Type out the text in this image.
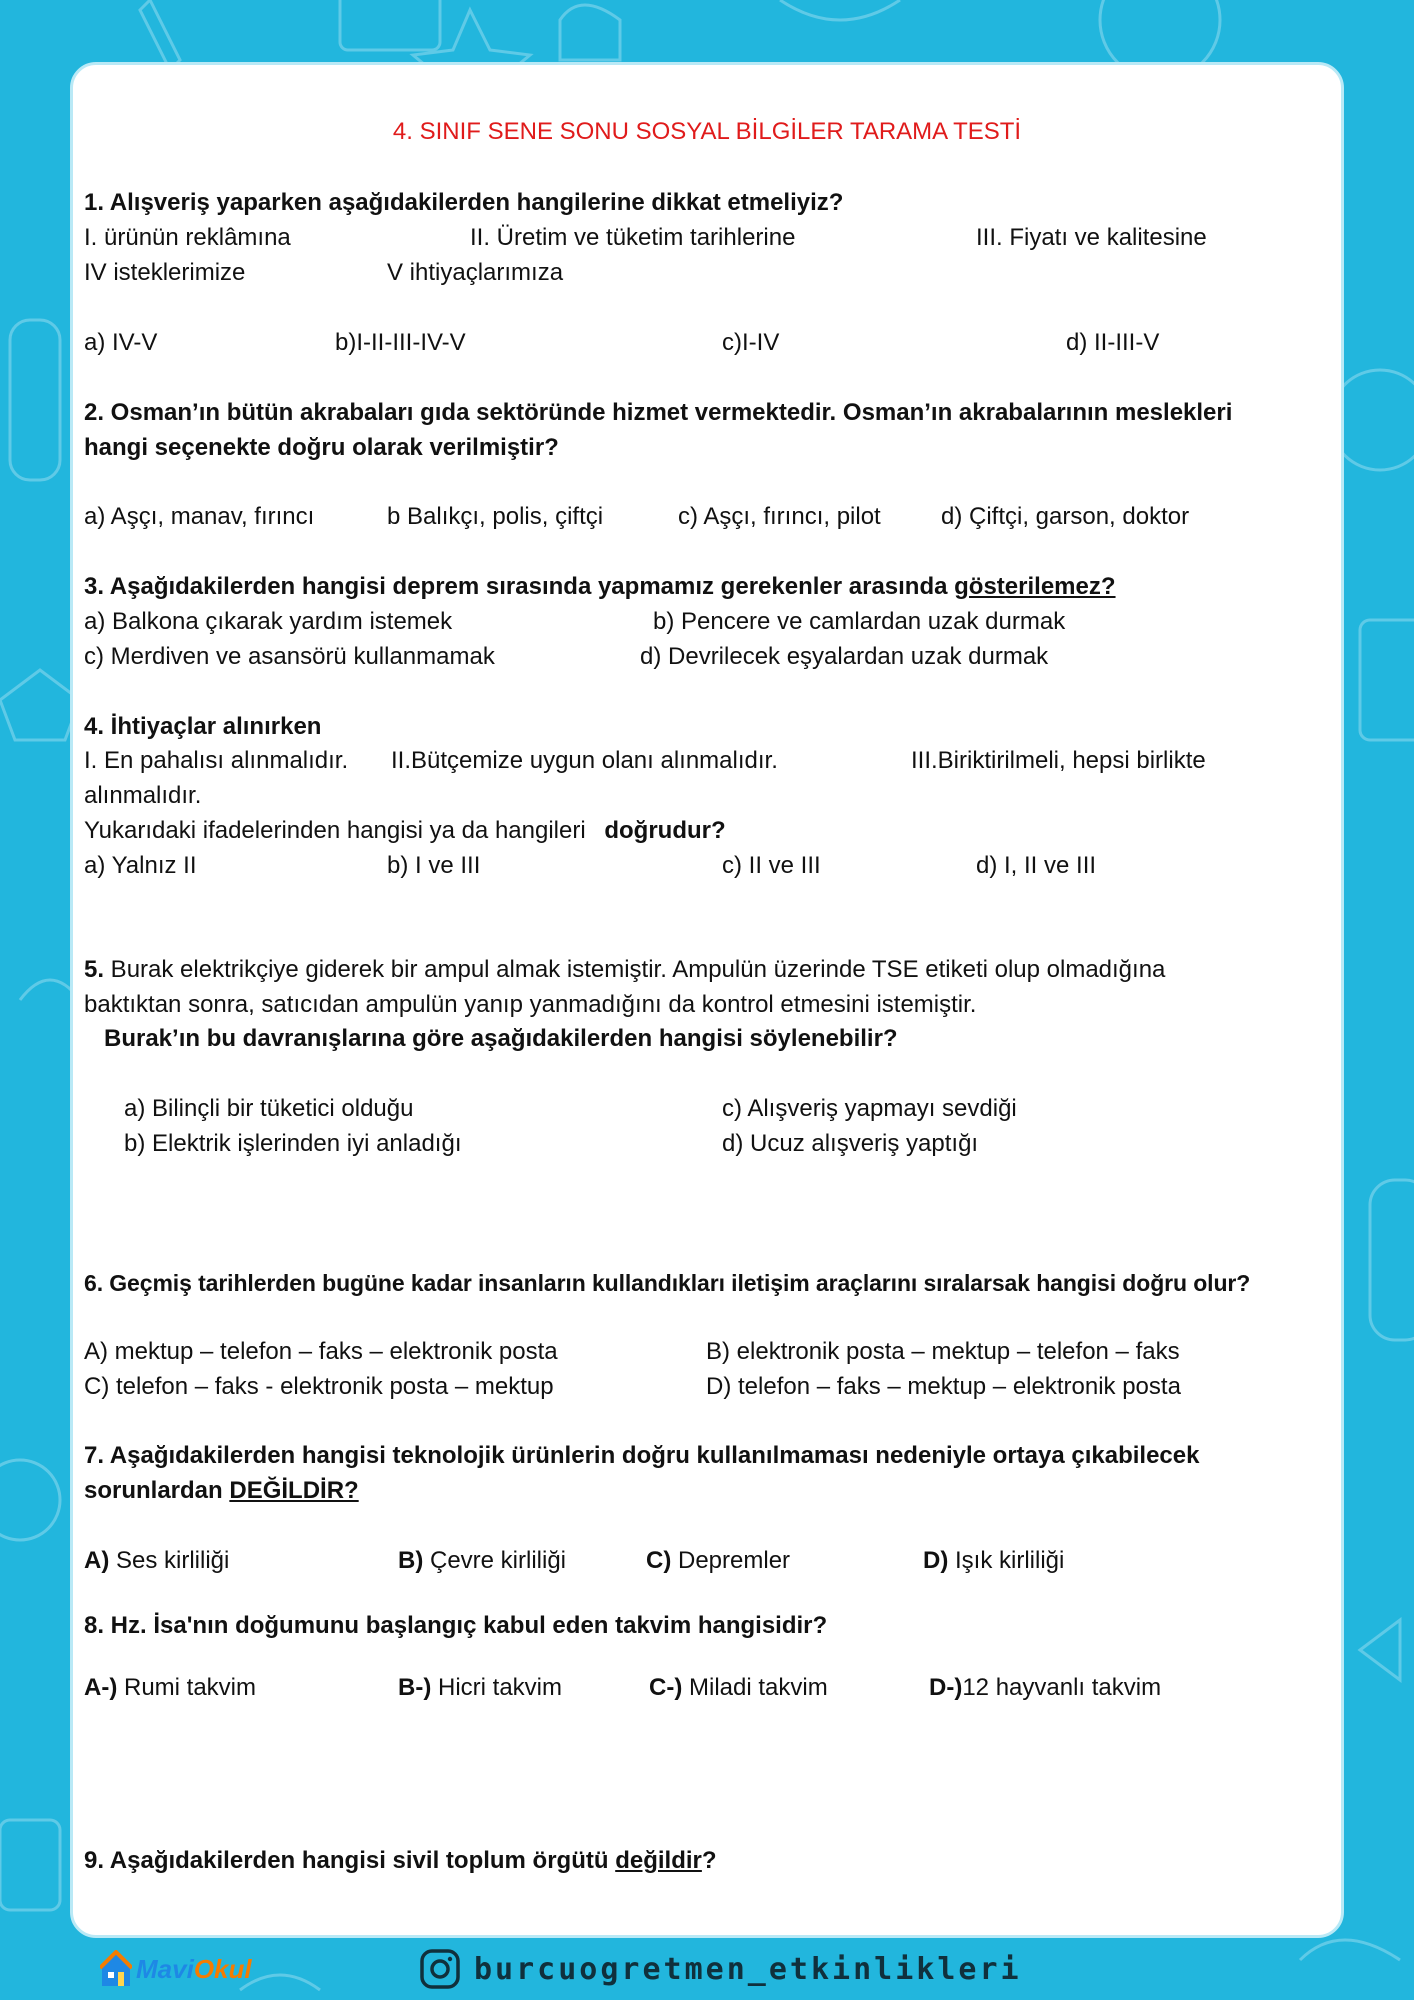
4. SINIF SENE SONU SOSYAL BİLGİLER TARAMA TESTİ
1. Alışveriş yaparken aşağıdakilerden hangilerine dikkat etmeliyiz?
I. ürünün reklâmına	II. Üretim ve tüketim tarihlerine	III. Fiyatı ve kalitesine
IV isteklerimize	V ihtiyaçlarımıza
a) IV-V	b)I-II-III-IV-V	c)I-IV	d) II-III-V
2. Osman’ın bütün akrabaları gıda sektöründe hizmet vermektedir. Osman’ın akrabalarının meslekleri
hangi seçenekte doğru olarak verilmiştir?
a) Aşçı, manav, fırıncı	b Balıkçı, polis, çiftçi	c) Aşçı, fırıncı, pilot	d) Çiftçi, garson, doktor
3. Aşağıdakilerden hangisi deprem sırasında yapmamız gerekenler arasında gösterilemez?
a) Balkona çıkarak yardım istemek	b) Pencere ve camlardan uzak durmak
c) Merdiven ve asansörü kullanmamak	d) Devrilecek eşyalardan uzak durmak
4. İhtiyaçlar alınırken
I. En pahalısı alınmalıdır. II.Bütçemize uygun olanı alınmalıdır.	III.Biriktirilmeli, hepsi birlikte
alınmalıdır.
Yukarıdaki ifadelerinden hangisi ya da hangileri doğrudur?
a) Yalnız II	b) I ve III	c) II ve III	d) I, II ve III
5. Burak elektrikçiye giderek bir ampul almak istemiştir. Ampulün üzerinde TSE etiketi olup olmadığına
baktıktan sonra, satıcıdan ampulün yanıp yanmadığını da kontrol etmesini istemiştir.
Burak’ın bu davranışlarına göre aşağıdakilerden hangisi söylenebilir?
a) Bilinçli bir tüketici olduğu	c) Alışveriş yapmayı sevdiği
b) Elektrik işlerinden iyi anladığı	d) Ucuz alışveriş yaptığı
6. Geçmiş tarihlerden bugüne kadar insanların kullandıkları iletişim araçlarını sıralarsak hangisi doğru olur?
A) mektup – telefon – faks – elektronik posta	B) elektronik posta – mektup – telefon – faks
C) telefon – faks - elektronik posta – mektup	D) telefon – faks – mektup – elektronik posta
7. Aşağıdakilerden hangisi teknolojik ürünlerin doğru kullanılmaması nedeniyle ortaya çıkabilecek
sorunlardan DEĞİLDİR?
A) Ses kirliliği	B) Çevre kirliliği	C) Depremler	D) Işık kirliliği
8. Hz. İsa'nın doğumunu başlangıç kabul eden takvim hangisidir?
A-) Rumi takvim	B-) Hicri takvim	C-) Miladi takvim	D-)12 hayvanlı takvim
9. Aşağıdakilerden hangisi sivil toplum örgütü değildir?
Mavi Okul	burcuogretmen_etkinlikleri
